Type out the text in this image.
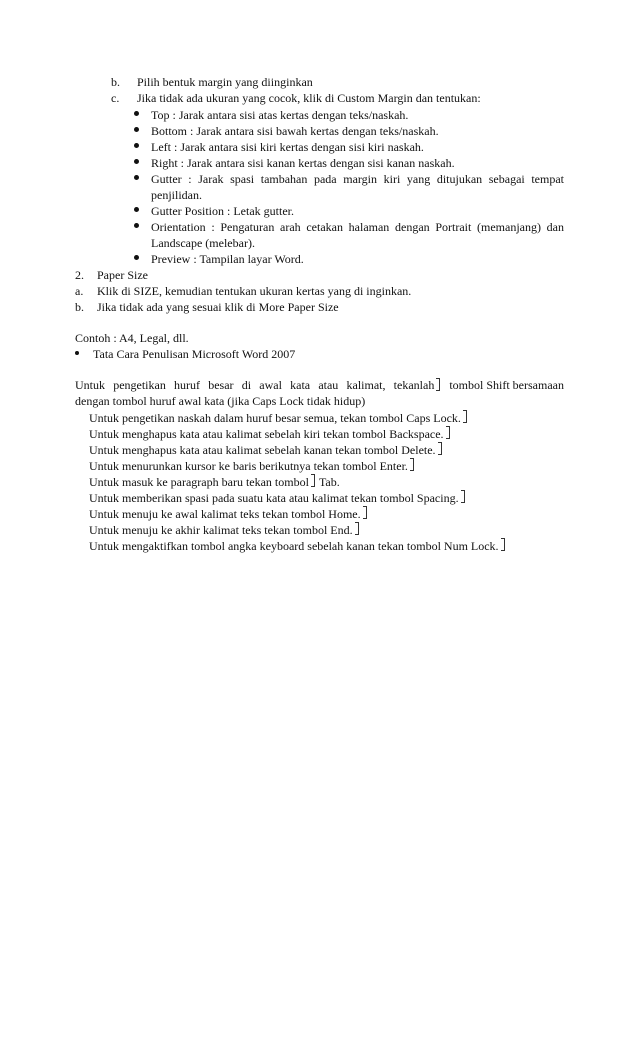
b. Pilih bentuk margin yang diinginkan
c. Jika tidak ada ukuran yang cocok, klik di Custom Margin dan tentukan:
Top : Jarak antara sisi atas kertas dengan teks/naskah.
Bottom : Jarak antara sisi bawah kertas dengan teks/naskah.
Left : Jarak antara sisi kiri kertas dengan sisi kiri naskah.
Right : Jarak antara sisi kanan kertas dengan sisi kanan naskah.
Gutter : Jarak spasi tambahan pada margin kiri yang ditujukan sebagai tempat
penjilidan.
Gutter Position : Letak gutter.
Orientation : Pengaturan arah cetakan halaman dengan Portrait (memanjang) dan
Landscape (melebar).
Preview : Tampilan layar Word.
2. Paper Size
a. Klik di SIZE, kemudian tentukan ukuran kertas yang di inginkan.
b. Jika tidak ada yang sesuai klik di More Paper Size
Contoh : A4, Legal, dll.
Tata Cara Penulisan Microsoft Word 2007
Untuk pengetikan huruf besar di awal kata atau kalimat, tekanlah tombol Shift bersamaan
dengan tombol huruf awal kata (jika Caps Lock tidak hidup)
Untuk pengetikan naskah dalam huruf besar semua, tekan tombol Caps Lock.
Untuk menghapus kata atau kalimat sebelah kiri tekan tombol Backspace.
Untuk menghapus kata atau kalimat sebelah kanan tekan tombol Delete.
Untuk menurunkan kursor ke baris berikutnya tekan tombol Enter.
Untuk masuk ke paragraph baru tekan tombol Tab.
Untuk memberikan spasi pada suatu kata atau kalimat tekan tombol Spacing.
Untuk menuju ke awal kalimat teks tekan tombol Home.
Untuk menuju ke akhir kalimat teks tekan tombol End.
Untuk mengaktifkan tombol angka keyboard sebelah kanan tekan tombol Num Lock.
